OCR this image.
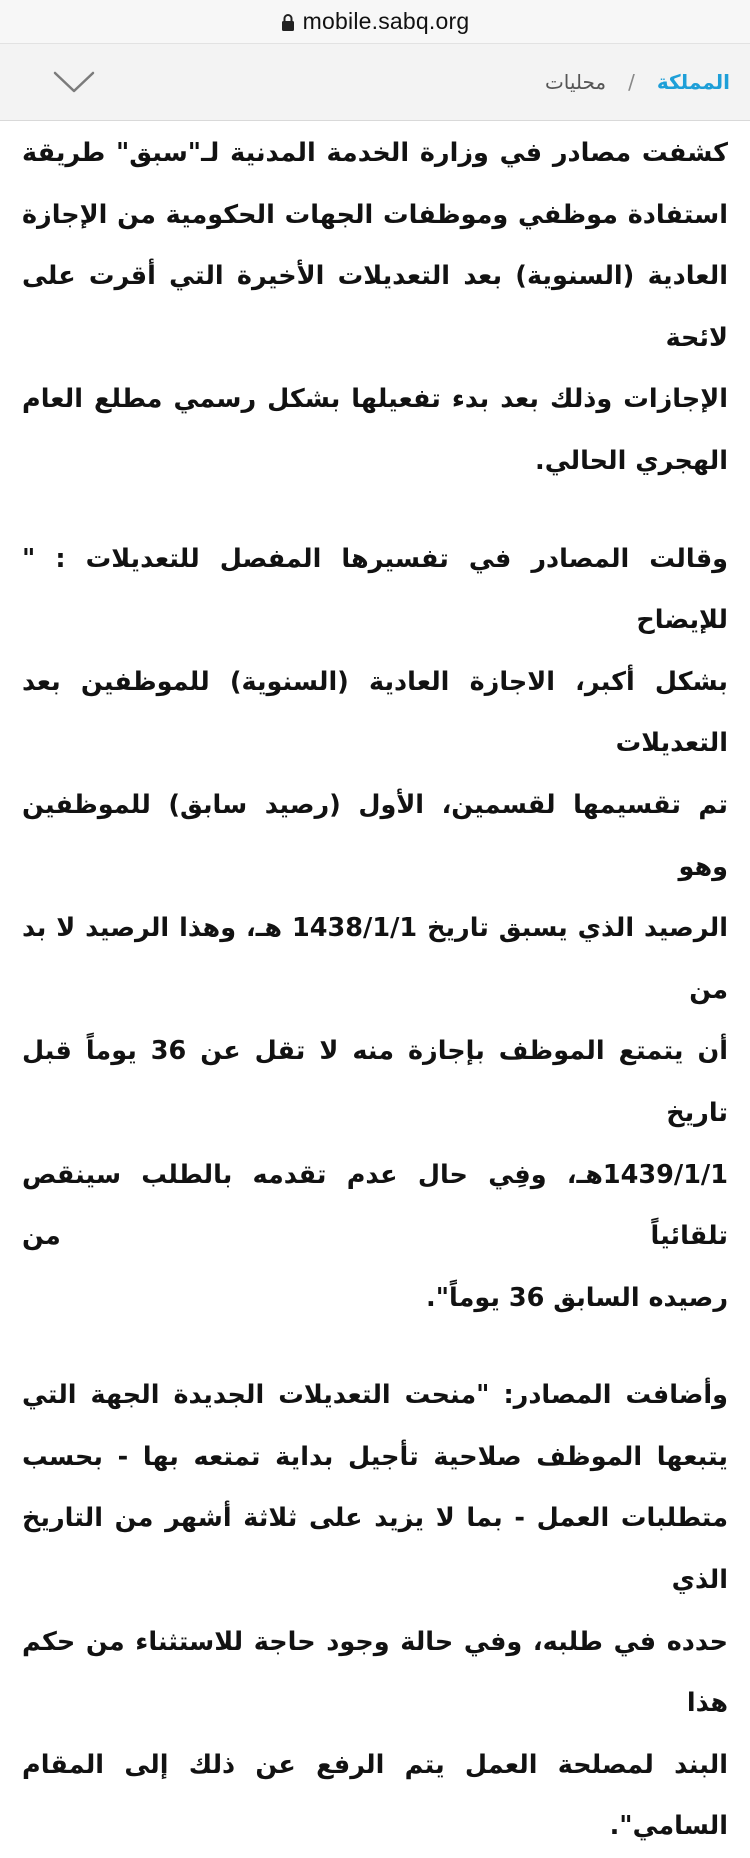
mobile.sabq.org
المملكة
/
محليات

كشفت مصادر في وزارة الخدمة المدنية لـ"سبق" طريقة
استفادة موظفي وموظفات الجهات الحكومية من الإجازة
العادية (السنوية) بعد التعديلات الأخيرة التي أقرت على لائحة
الإجازات وذلك بعد بدء تفعيلها بشكل رسمي مطلع العام
الهجري الحالي.

وقالت المصادر في تفسيرها المفصل للتعديلات : " للإيضاح
بشكل أكبر، الاجازة العادية (السنوية) للموظفين بعد التعديلات
تم تقسيمها لقسمين، الأول (رصيد سابق) للموظفين وهو
الرصيد الذي يسبق تاريخ 1438/1/1 هـ، وهذا الرصيد لا بد من
أن يتمتع الموظف بإجازة منه لا تقل عن 36 يوماً قبل تاريخ
1439/1/1هـ، وفِي حال عدم تقدمه بالطلب سينقص تلقائياً من
رصيده السابق 36 يوماً".

وأضافت المصادر: "منحت التعديلات الجديدة الجهة التي
يتبعها الموظف صلاحية تأجيل بداية تمتعه بها - بحسب
متطلبات العمل - بما لا يزيد على ثلاثة أشهر من التاريخ الذي
حدده في طلبه، وفي حالة وجود حاجة للاستثناء من حكم هذا
البند لمصلحة العمل يتم الرفع عن ذلك إلى المقام السامي".
